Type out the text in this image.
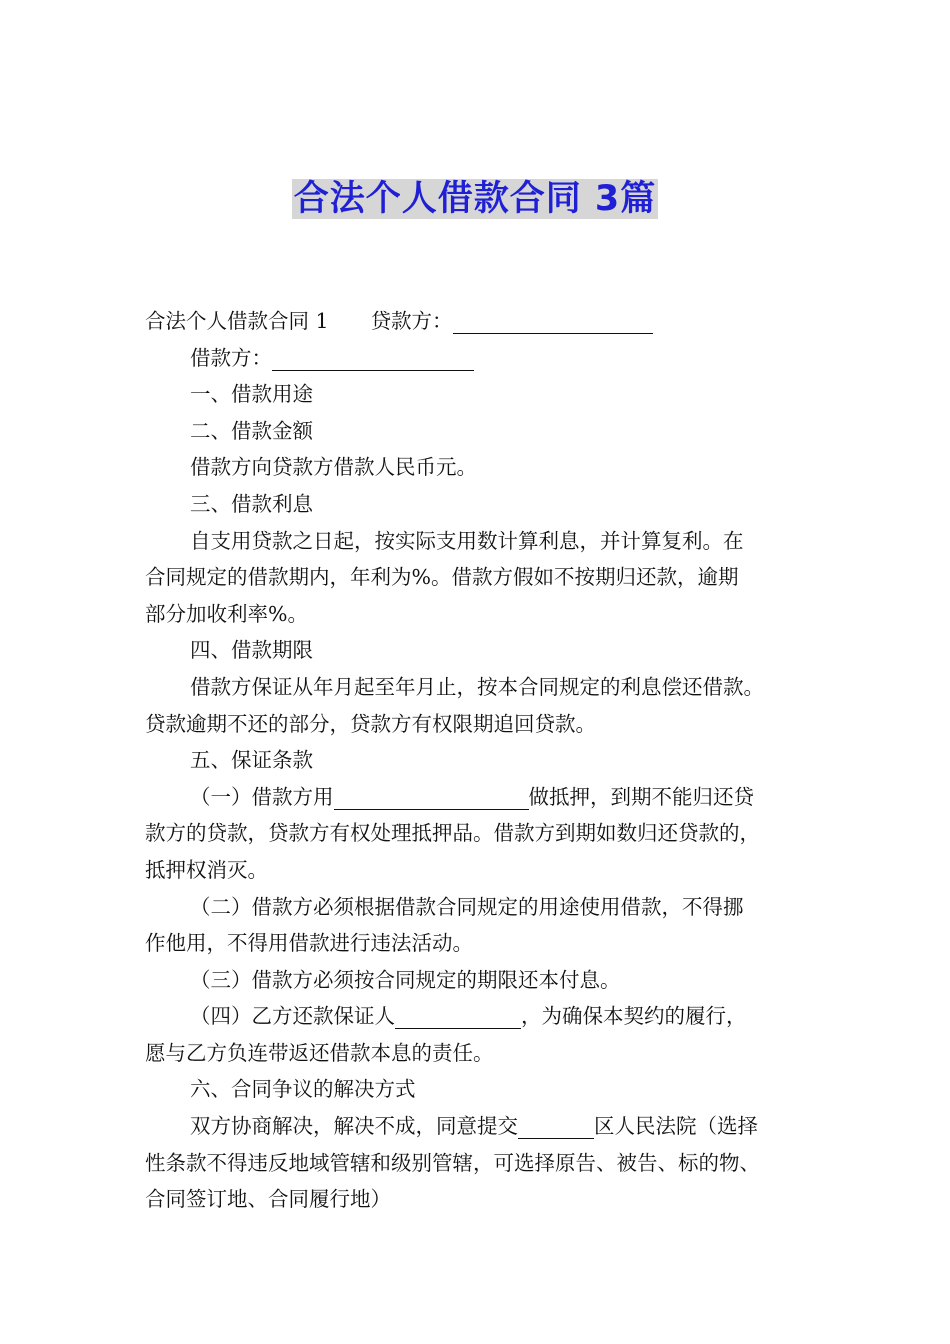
合法个人借款合同 3篇

合法个人借款合同 1 贷款方：

借款方：

一、借款用途

二、借款金额

借款方向贷款方借款人民币元。

三、借款利息

自支用贷款之日起，按实际支用数计算利息，并计算复利。在

合同规定的借款期内，年利为%。借款方假如不按期归还款，逾期

部分加收利率%。

四、借款期限

借款方保证从年月起至年月止，按本合同规定的利息偿还借款。

贷款逾期不还的部分，贷款方有权限期追回贷款。

五、保证条款

（一）借款方用	做抵押，到期不能归还贷

款方的贷款，贷款方有权处理抵押品。借款方到期如数归还贷款的，

抵押权消灭。

（二）借款方必须根据借款合同规定的用途使用借款，不得挪

作他用，不得用借款进行违法活动。

（三）借款方必须按合同规定的期限还本付息。

（四）乙方还款保证人	，为确保本契约的履行，

愿与乙方负连带返还借款本息的责任。

六、合同争议的解决方式

双方协商解决，解决不成，同意提交	区人民法院（选择

性条款不得违反地域管辖和级别管辖，可选择原告、被告、标的物、

合同签订地、合同履行地）
